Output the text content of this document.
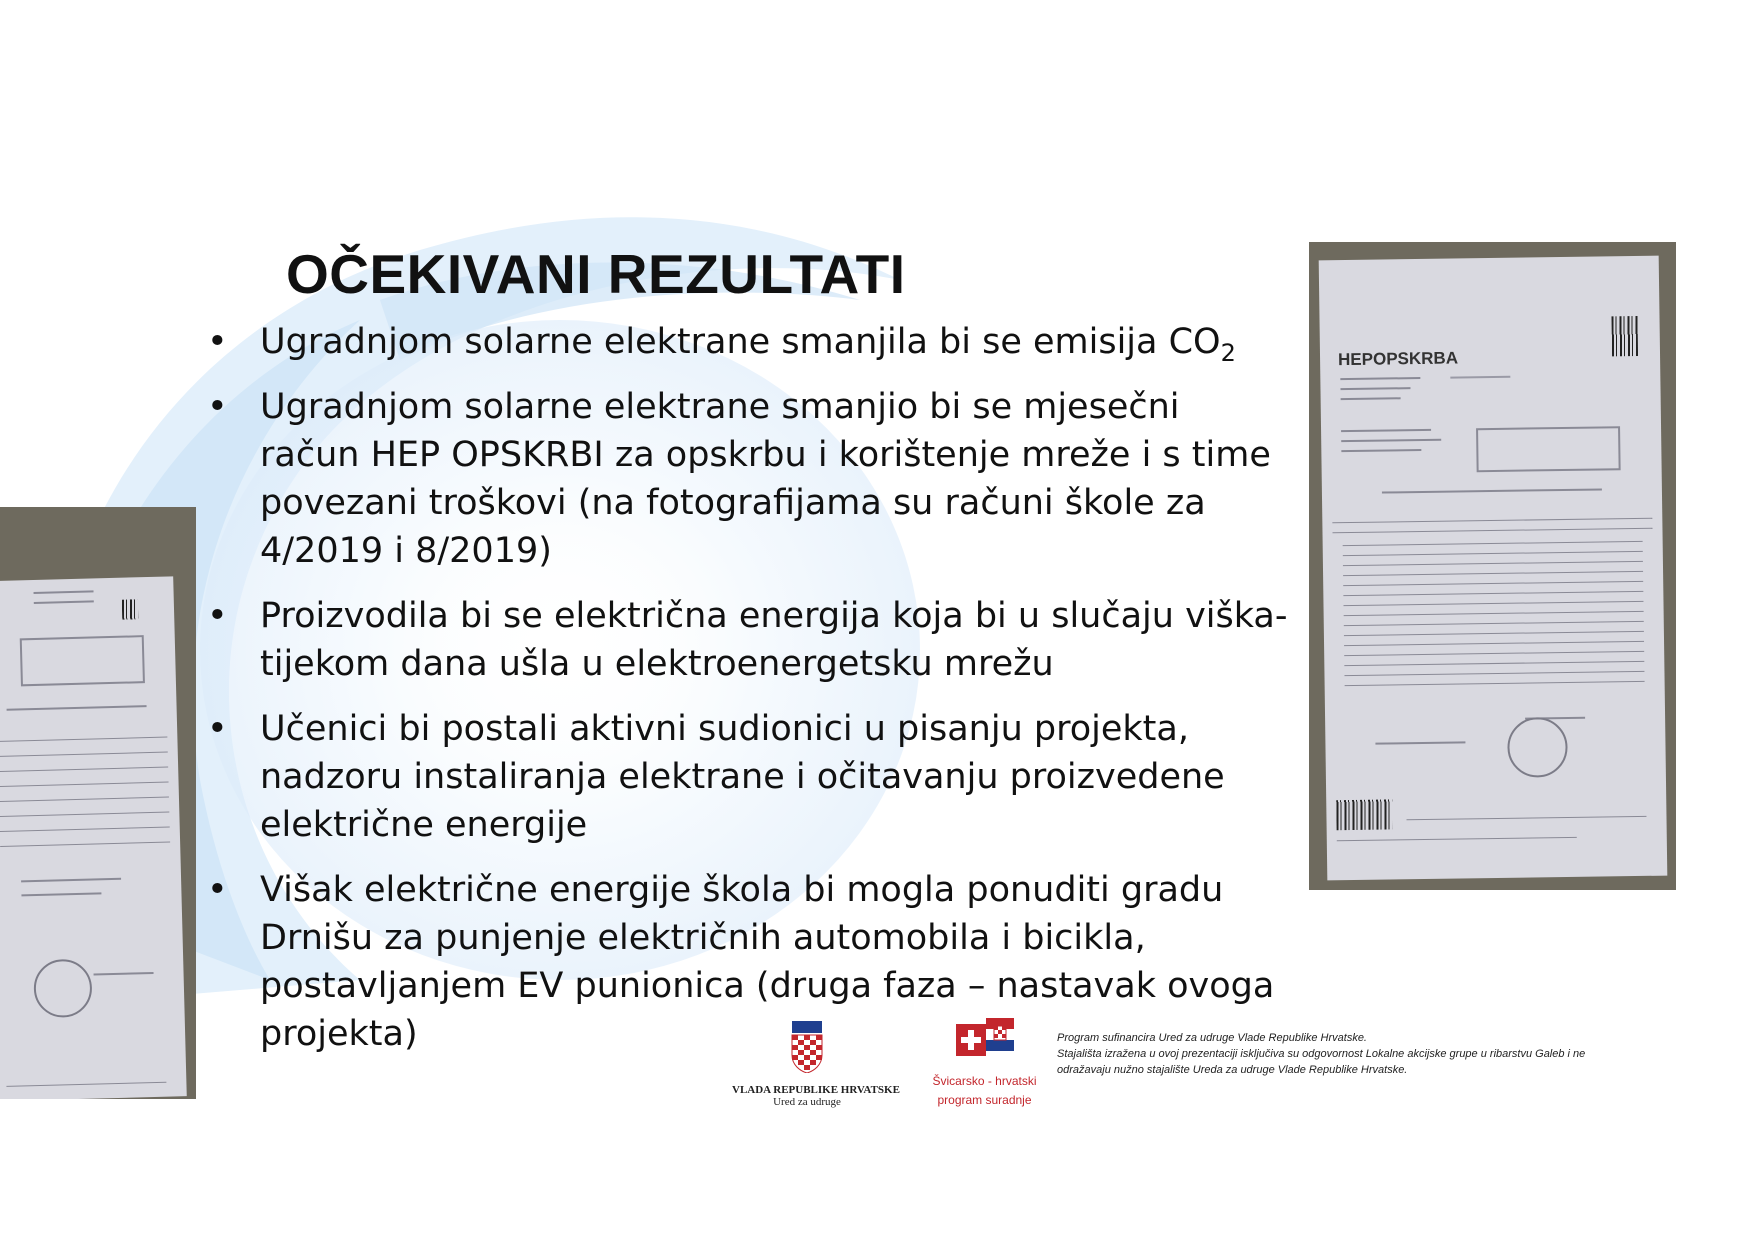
OČEKIVANI REZULTATI
• Ugradnjom solarne elektrane smanjila bi se emisija $CO_2$
• Ugradnjom solarne elektrane smanjio bi se mjesečni račun HEP OPSKRBI za opskrbu i korištenje mreže i s time povezani troškovi (na fotografijama su računi škole za 4/2019 i 8/2019)
• Proizvodila bi se električna energija koja bi u slučaju viška- tijekom dana ušla u elektroenergetsku mrežu
• Učenici bi postali aktivni sudionici u pisanju projekta, nadzoru instaliranja elektrane i očitavanju proizvedene električne energije
• Višak električne energije škola bi mogla ponuditi gradu Drnišu za punjenje električnih automobila i bicikla, postavljanjem EV punionica (druga faza – nastavak ovoga projekta)
HEPOPSKRBA
VLADA REPUBLIKE HRVATSKE
Ured za udruge
Švicarsko - hrvatski
program suradnje
Program sufinancira Ured za udruge Vlade Republike Hrvatske.
Stajališta izražena u ovoj prezentaciji isključiva su odgovornost Lokalne akcijske grupe u ribarstvu Galeb i ne odražavaju nužno stajalište Ureda za udruge Vlade Republike Hrvatske.
